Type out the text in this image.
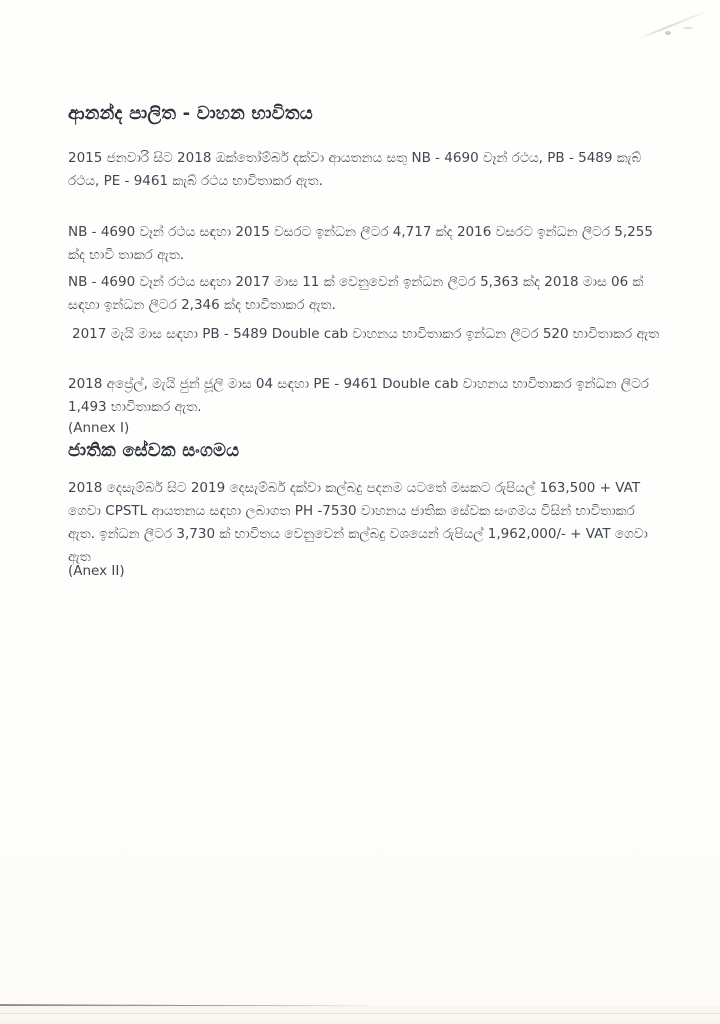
ආනන්ද පාලිත - වාහන භාවිතය
2015 ජනවාරි සිට 2018 ඔක්තෝම්බර් දක්වා ආයතනය සතු NB - 4690 වෑන් රථය, PB - 5489 කැබ් රථය, PE - 9461 කැබ් රථය භාවිතාකර ඇත.
NB - 4690 වෑන් රථය සඳහා 2015 වසරට ඉන්ධන ලීටර 4,717 ක්ද 2016 වසරට ඉන්ධන ලීටර 5,255 ක්ද භාවි තාකර ඇත.
NB - 4690 වෑන් රථය සඳහා 2017 මාස 11 ක් වෙනුවෙන් ඉන්ධන ලීටර 5,363 ක්ද 2018 මාස 06 ක් සඳහා ඉන්ධන ලීටර 2,346 ක්ද භාවිතාකර ඇත.
2017 මැයි මාස සඳහා PB - 5489 Double cab වාහනය භාවිතාකර ඉන්ධන ලීටර 520 භාවිතාකර ඇත
2018 අප්‍රේල්, මැයි ජුන් ජූලි මාස 04 සඳහා PE - 9461 Double cab වාහනය භාවිතාකර ඉන්ධන ලීටර 1,493 භාවිතාකර ඇත.
(Annex I)
ජාතික සේවක සංගමය
2018 දෙසැම්බර් සිට 2019 දෙසැම්බර් දක්වා කල්බදු පදනම යටතේ මසකට රුපියල් 163,500 + VAT ගෙවා CPSTL ආයතනය සඳහා ලබාගත PH -7530 වාහනය ජාතික සේවක සංගමය විසින් භාවිතාකර ඇත. ඉන්ධන ලීටර 3,730 ක් භාවිතය වෙනුවෙන් කල්බදු වශයෙන් රුපියල් 1,962,000/- + VAT ගෙවා ඇත
(Anex II)
